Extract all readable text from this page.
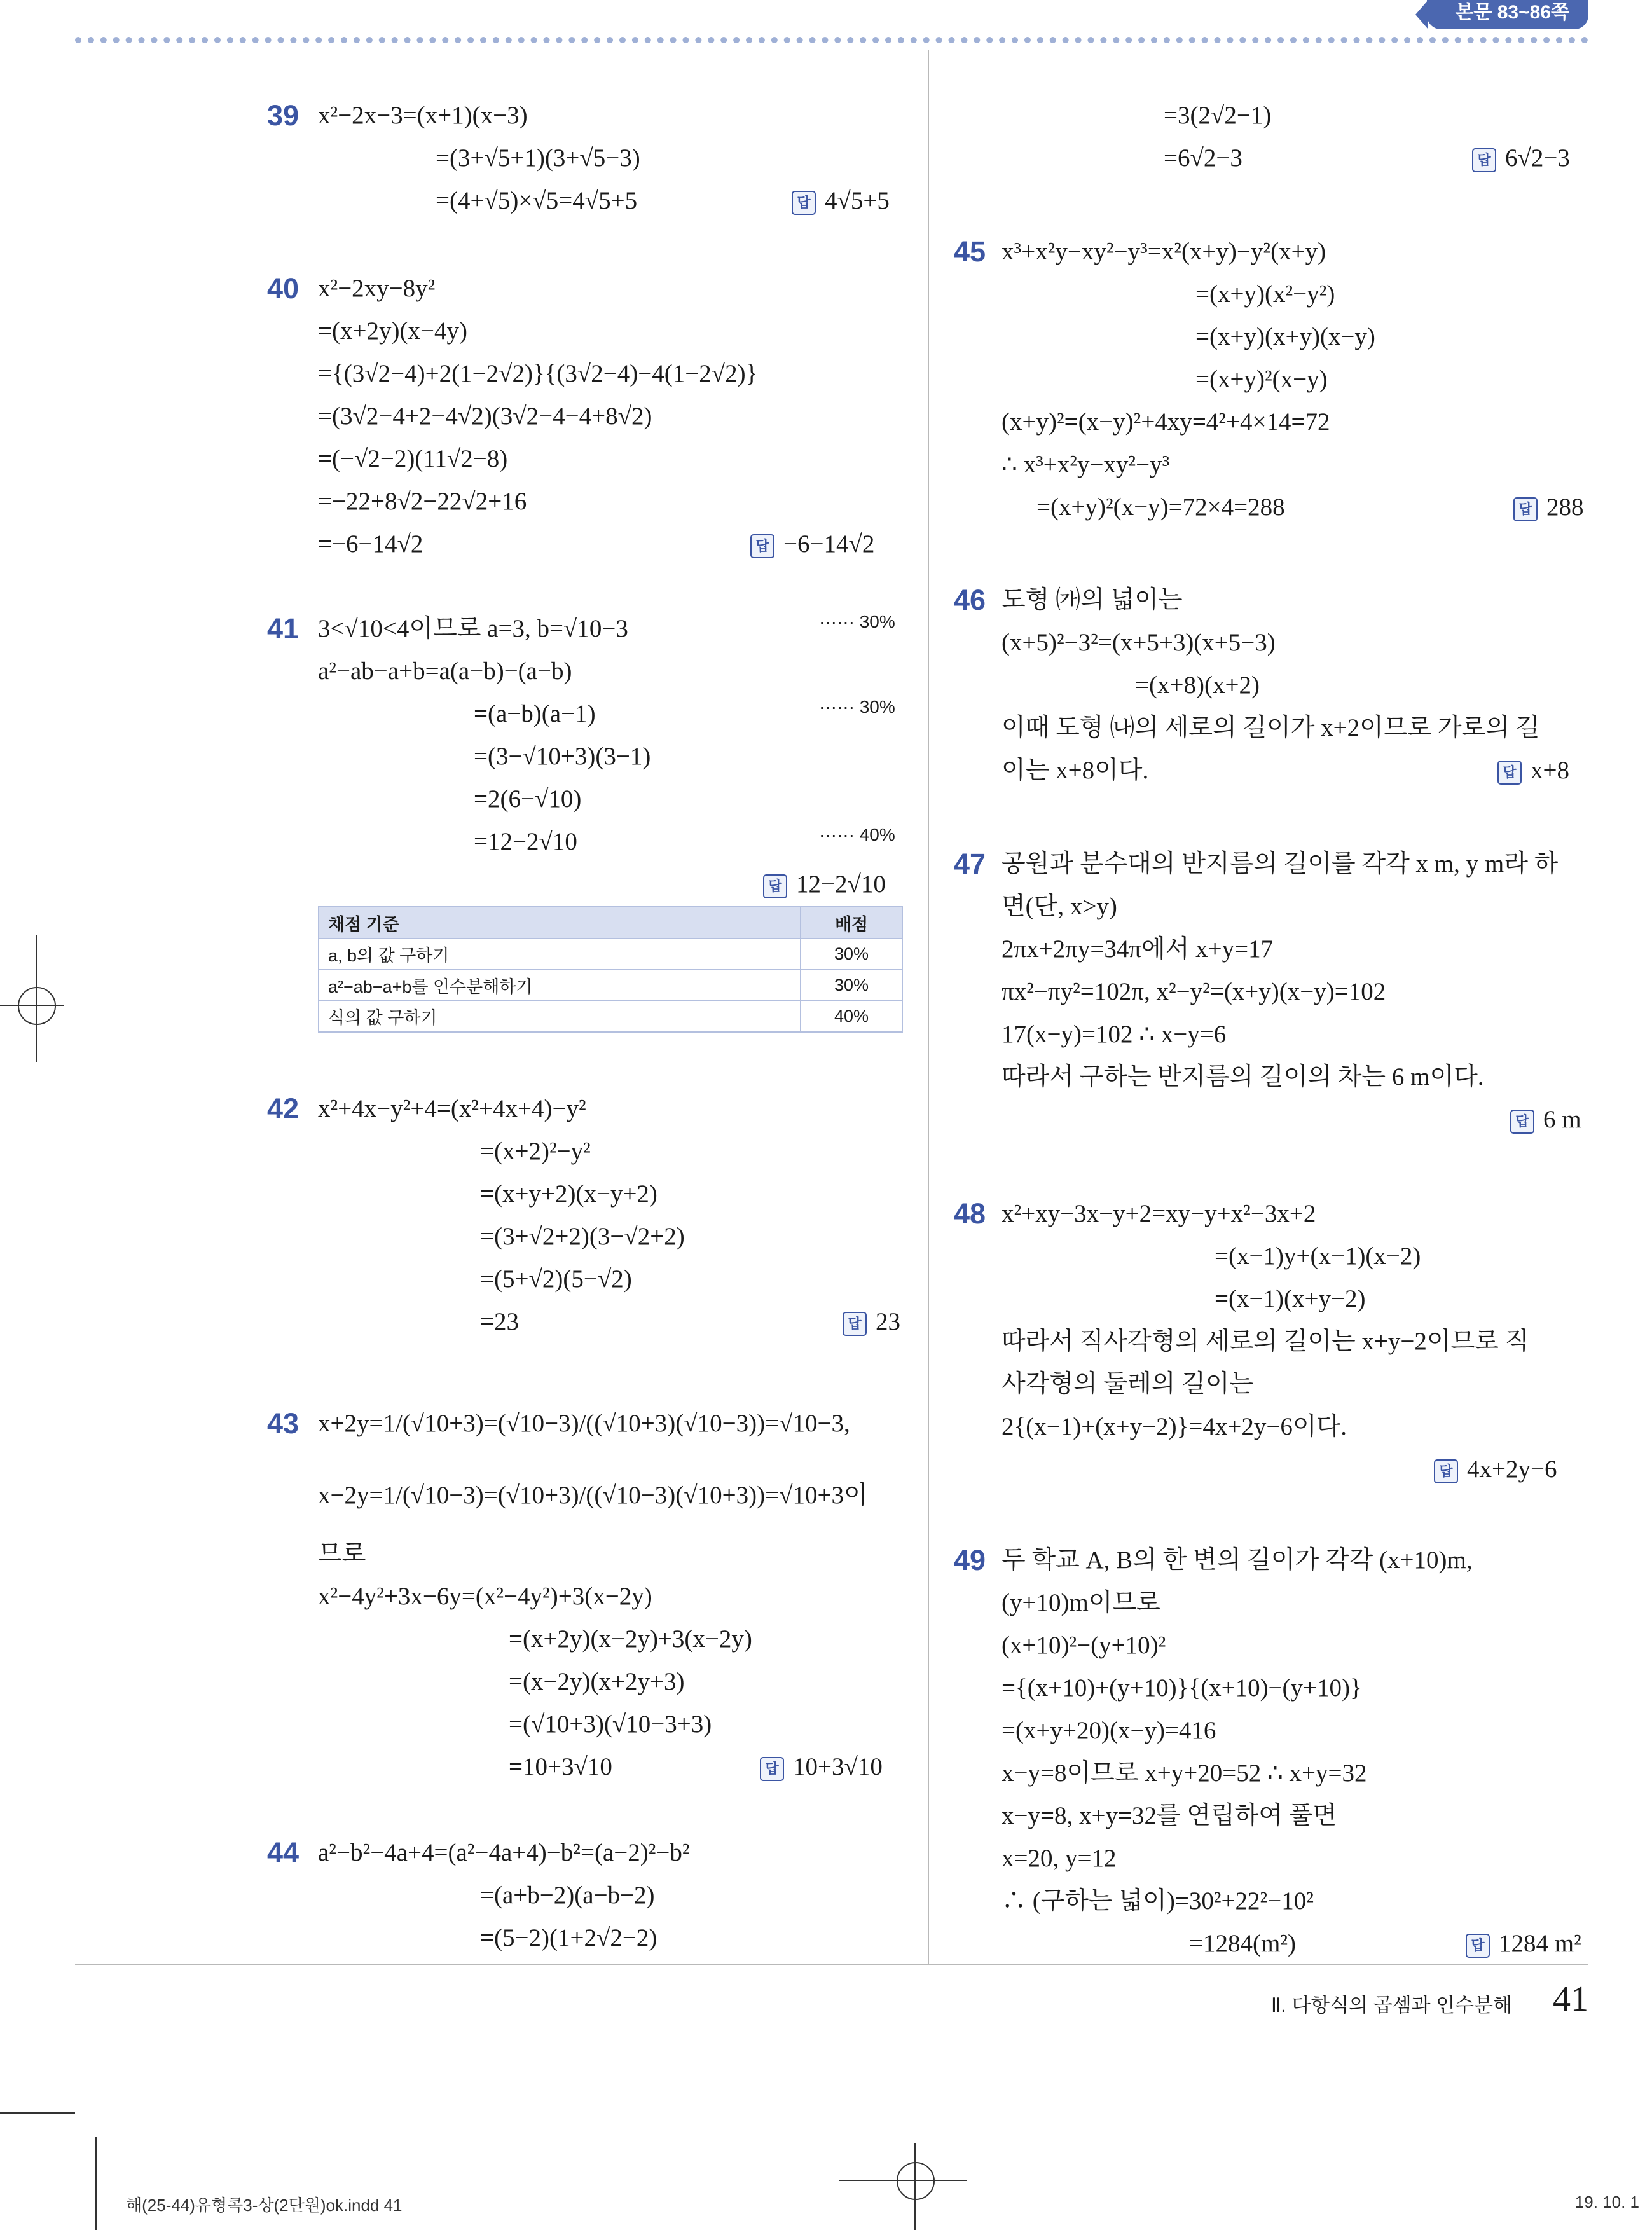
본문 83~86쪽
39 x²−2x−3=(x+1)(x−3)
=(3+√5+1)(3+√5−3)
=(4+√5)×√5=4√5+5	답 4√5+5
40 x²−2xy−8y²
=(x+2y)(x−4y)
={(3√2−4)+2(1−2√2)}{(3√2−4)−4(1−2√2)}
=(3√2−4+2−4√2)(3√2−4−4+8√2)
=(−√2−2)(11√2−8)
=−22+8√2−22√2+16
=−6−14√2	답 −6−14√2
41 3<√10<4이므로 a=3, b=√10−3	······ 30%
a²−ab−a+b=a(a−b)−(a−b)
=(a−b)(a−1)	······ 30%
=(3−√10+3)(3−1)
=2(6−√10)
=12−2√10	······ 40%
답 12−2√10
채점 기준	배점
a, b의 값 구하기	30%
a²−ab−a+b를 인수분해하기	30%
식의 값 구하기	40%
42 x²+4x−y²+4=(x²+4x+4)−y²
=(x+2)²−y²
=(x+y+2)(x−y+2)
=(3+√2+2)(3−√2+2)
=(5+√2)(5−√2)
=23	답 23
43 x+2y=1/(√10+3)=(√10−3)/((√10+3)(√10−3))=√10−3,
x−2y=1/(√10−3)=(√10+3)/((√10−3)(√10+3))=√10+3이
므로
x²−4y²+3x−6y=(x²−4y²)+3(x−2y)
=(x+2y)(x−2y)+3(x−2y)
=(x−2y)(x+2y+3)
=(√10+3)(√10−3+3)
=10+3√10	답 10+3√10
44 a²−b²−4a+4=(a²−4a+4)−b²=(a−2)²−b²
=(a+b−2)(a−b−2)
=(5−2)(1+2√2−2)
=3(2√2−1)
=6√2−3	답 6√2−3
45 x³+x²y−xy²−y³=x²(x+y)−y²(x+y)
=(x+y)(x²−y²)
=(x+y)(x+y)(x−y)
=(x+y)²(x−y)
(x+y)²=(x−y)²+4xy=4²+4×14=72
∴ x³+x²y−xy²−y³
=(x+y)²(x−y)=72×4=288	답 288
46 도형 ㈎의 넓이는
(x+5)²−3²=(x+5+3)(x+5−3)
=(x+8)(x+2)
이때 도형 ㈏의 세로의 길이가 x+2이므로 가로의 길
이는 x+8이다.	답 x+8
47 공원과 분수대의 반지름의 길이를 각각 x m, y m라 하
면(단, x>y)
2πx+2πy=34π에서 x+y=17
πx²−πy²=102π, x²−y²=(x+y)(x−y)=102
17(x−y)=102 ∴ x−y=6
따라서 구하는 반지름의 길이의 차는 6 m이다.
답 6 m
48 x²+xy−3x−y+2=xy−y+x²−3x+2
=(x−1)y+(x−1)(x−2)
=(x−1)(x+y−2)
따라서 직사각형의 세로의 길이는 x+y−2이므로 직
사각형의 둘레의 길이는
2{(x−1)+(x+y−2)}=4x+2y−6이다.
답 4x+2y−6
49 두 학교 A, B의 한 변의 길이가 각각 (x+10)m,
(y+10)m이므로
(x+10)²−(y+10)²
={(x+10)+(y+10)}{(x+10)−(y+10)}
=(x+y+20)(x−y)=416
x−y=8이므로 x+y+20=52 ∴ x+y=32
x−y=8, x+y=32를 연립하여 풀면
x=20, y=12
∴ (구하는 넓이)=30²+22²−10²
=1284(m²)	답 1284 m²
Ⅱ. 다항식의 곱셈과 인수분해 41
해(25-44)유형콕3-상(2단원)ok.indd 41	19. 10. 1
